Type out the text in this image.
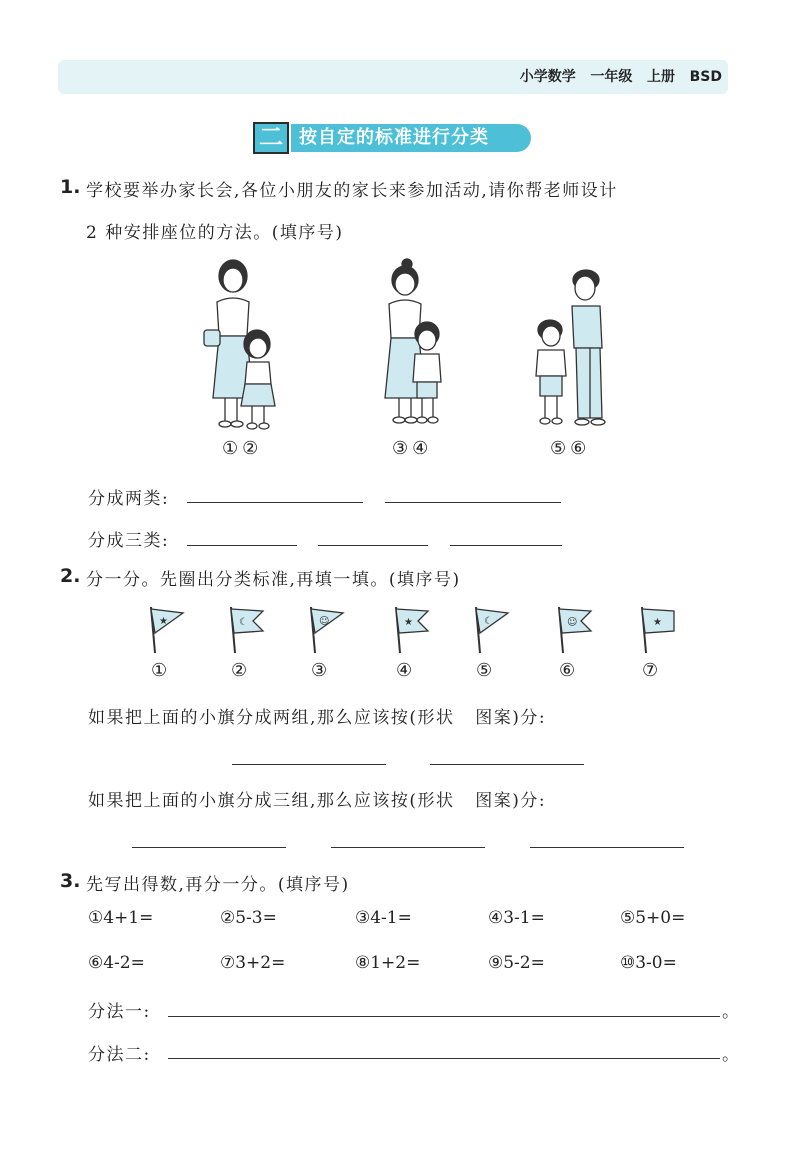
小学数学   一年级   上册   BSD
二 按自定的标准进行分类
1. 学校要举办家长会,各位小朋友的家长来参加活动,请你帮老师设计
2 种安排座位的方法。(填序号)
①②	③④	⑤⑥
分成两类:
分成三类:
2. 分一分。先圈出分类标准,再填一填。(填序号)
★
①
☾
②
☺
③
★
④
☾
⑤
☺
⑥
★
⑦
如果把上面的小旗分成两组,那么应该按(形状   图案)分:
如果把上面的小旗分成三组,那么应该按(形状   图案)分:
3. 先写出得数,再分一分。(填序号)
①4+1=	②5-3=	③4-1=	④3-1=	⑤5+0=
⑥4-2=	⑦3+2=	⑧1+2=	⑨5-2=	⑩3-0=
分法一:	。
分法二:	。
